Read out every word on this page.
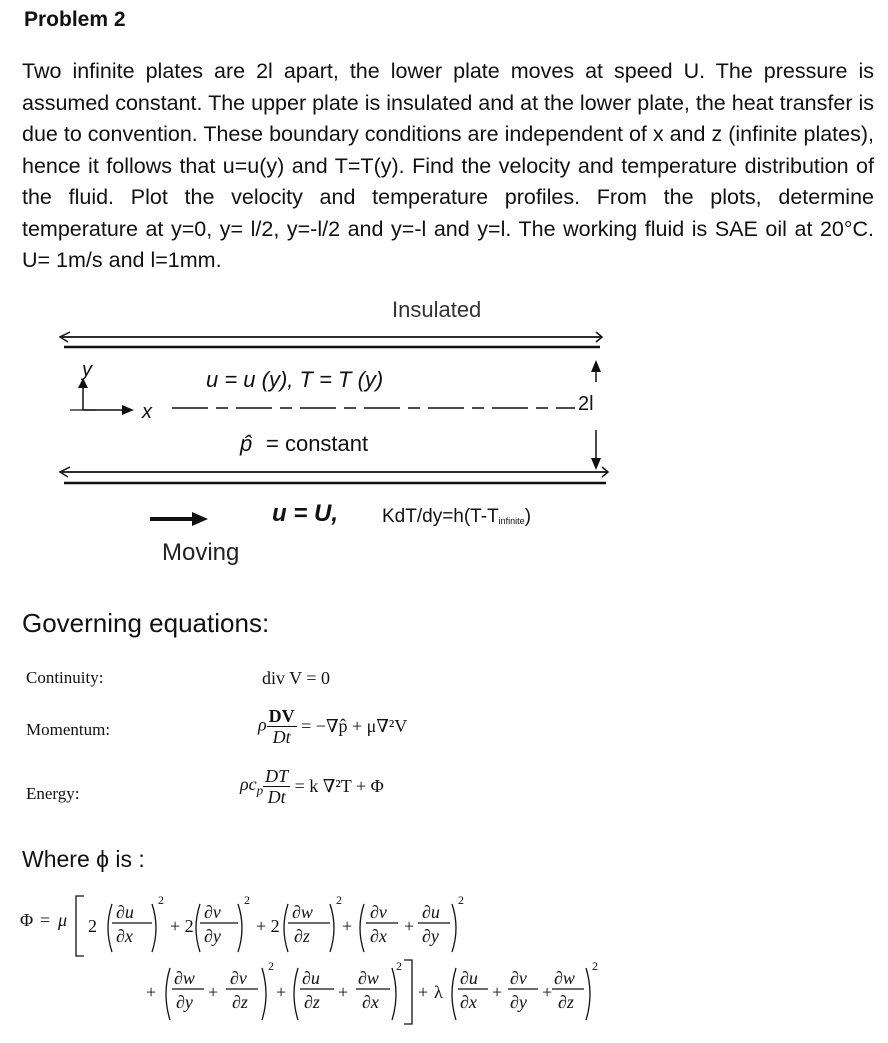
Problem 2

Two infinite plates are 2l apart, the lower plate moves at speed U. The pressure is assumed constant. The upper plate is insulated and at the lower plate, the heat transfer is due to convention. These boundary conditions are independent of x and z (infinite plates), hence it follows that u=u(y) and T=T(y). Find the velocity and temperature distribution of the fluid. Plot the velocity and temperature profiles. From the plots, determine temperature at y=0, y= l/2, y=-l/2 and y=-l and y=l. The working fluid is SAE oil at 20°C. U= 1m/s and l=1mm.

Insulated
y
x
u = u (y), T = T (y)
2l
p̂ = constant
u = U, KdT/dy=h(T-Tinfinite)
Moving
Governing equations:
Continuity:	div V = 0
Momentum:	ρ $\frac{DV}{Dt}$ = −∇p̂ + μ∇²V
Energy:	$\rho c_p \frac{DT}{Dt} = k$ ∇²T + Φ
Where ϕ is :
Φ = μ 2
∂u
∂x
2
+ 2
∂v
∂y
2
+ 2
∂w
∂z
2
+
∂v
∂x +
∂u
∂y
2
+
∂w
∂y +
∂v
∂z
2
+
∂u
∂z +
∂w
∂x
2
+ λ
∂u
∂x +
∂v
∂y +
∂w
∂z
2
